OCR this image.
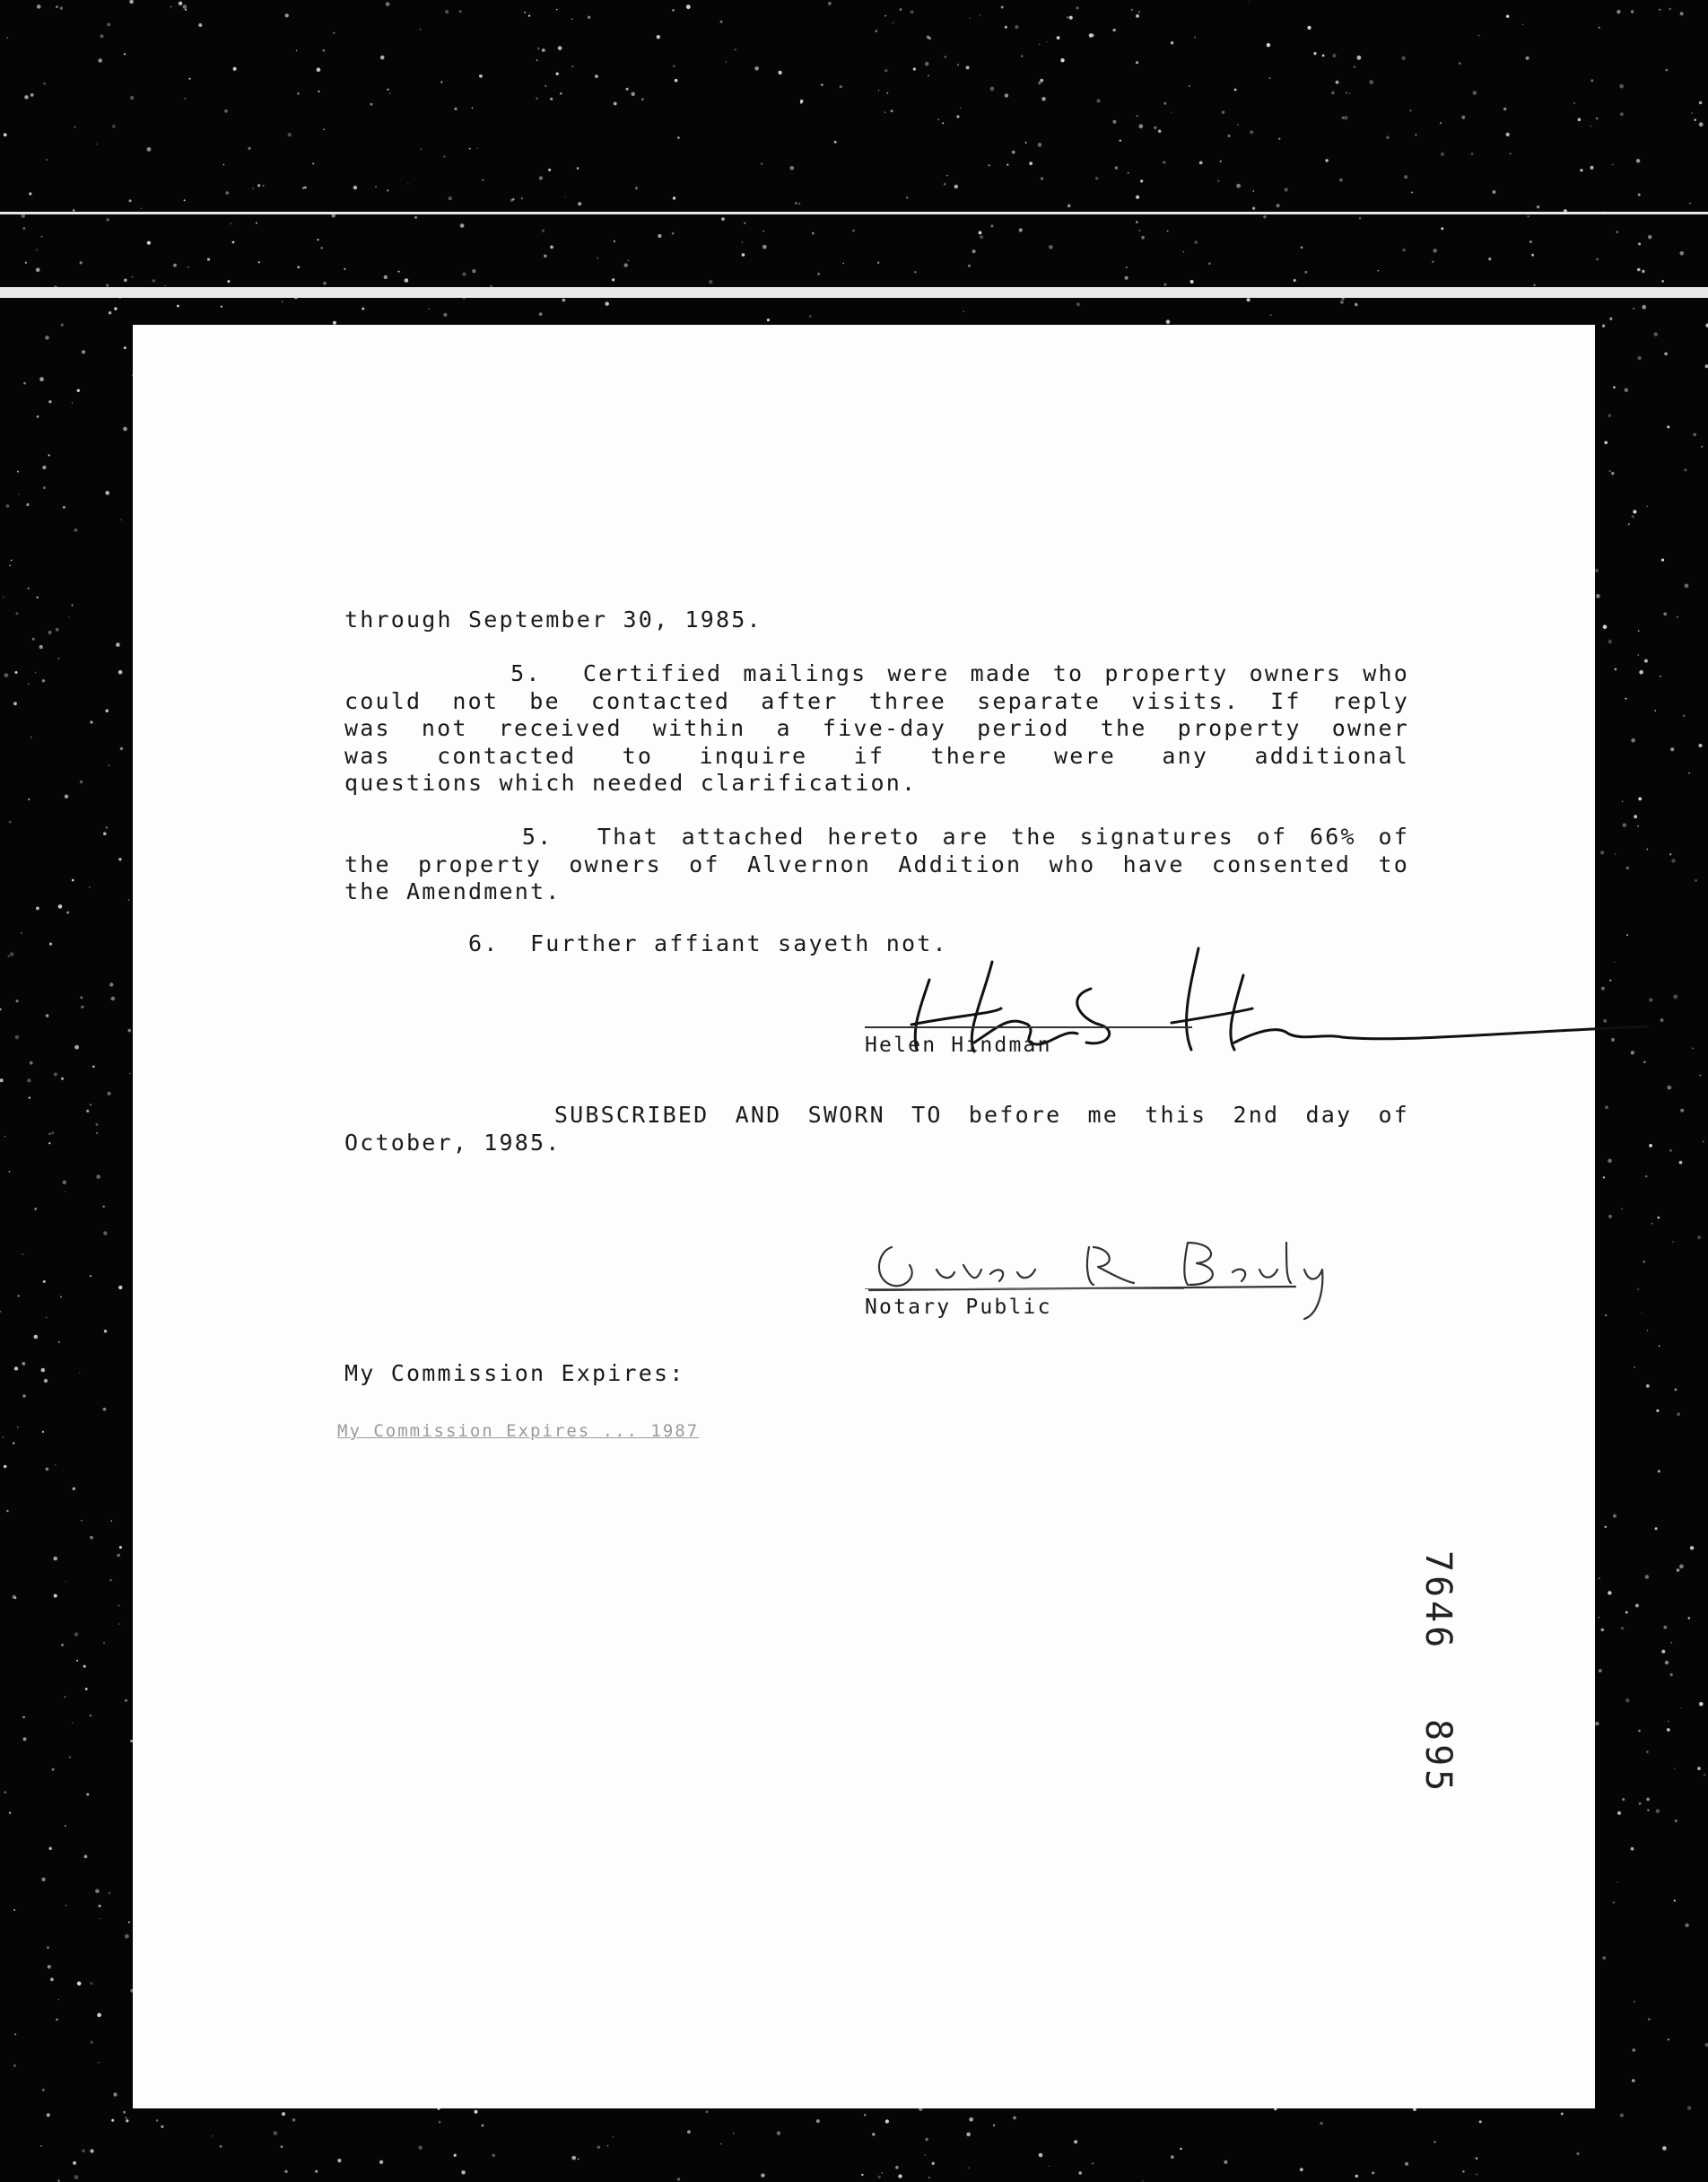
through September 30, 1985.
5.  Certified mailings were made to property owners who
could not be contacted after three separate visits. If reply
was not received within a five-day period the property owner
was contacted to inquire if there were any additional
questions which needed clarification.
5.  That attached hereto are the signatures of 66% of
the property owners of Alvernon Addition who have consented to
the Amendment.
6.  Further affiant sayeth not.
Helen Hindman
SUBSCRIBED AND SWORN TO before me this 2nd day of
October, 1985.
Notary Public
My Commission Expires:
My Commission Expires ... 1987
7646
895
